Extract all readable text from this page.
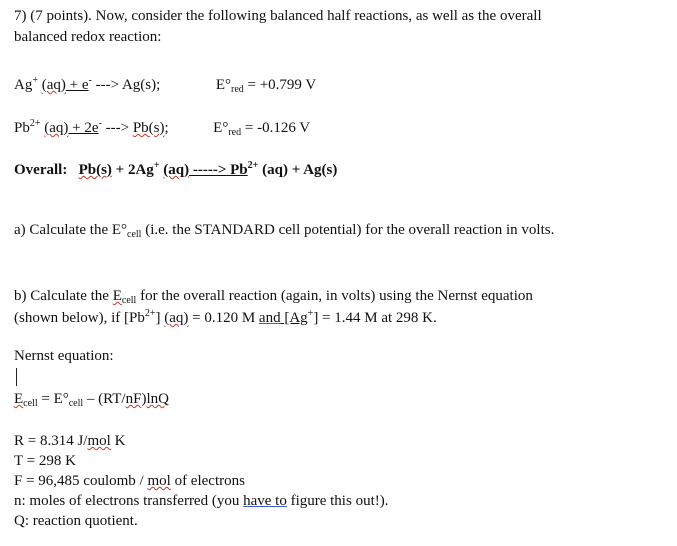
7) (7 points). Now, consider the following balanced half reactions, as well as the overall
balanced redox reaction:
Ag+ (aq) + e- ---> Ag(s);	$E^\circ_{red} = +0.799$ V
$Pb^{2+}$ (aq) + 2e- ---> Pb(s);	$E^\circ_{red} = -0.126$ V
Overall: Pb(s) + 2Ag+ (aq) -----> $Pb^{2+}$ (aq) + Ag(s)
a) Calculate the $E^\circ_{cell}$ (i.e. the STANDARD cell potential) for the overall reaction in volts.
b) Calculate the $E_{cell}$ for the overall reaction (again, in volts) using the Nernst equation
(shown below), if $[Pb^{2+}] (aq) = 0.120$ M and [Ag+] = 1.44 M at 298 K.
Nernst equation:
$E_{cell} = E^\circ_{cell} - (RT/nF)\ln Q$
R = 8.314 J/mol K
T = 298 K
F = 96,485 coulomb / mol of electrons
n: moles of electrons transferred (you have to figure this out!).
Q: reaction quotient.
